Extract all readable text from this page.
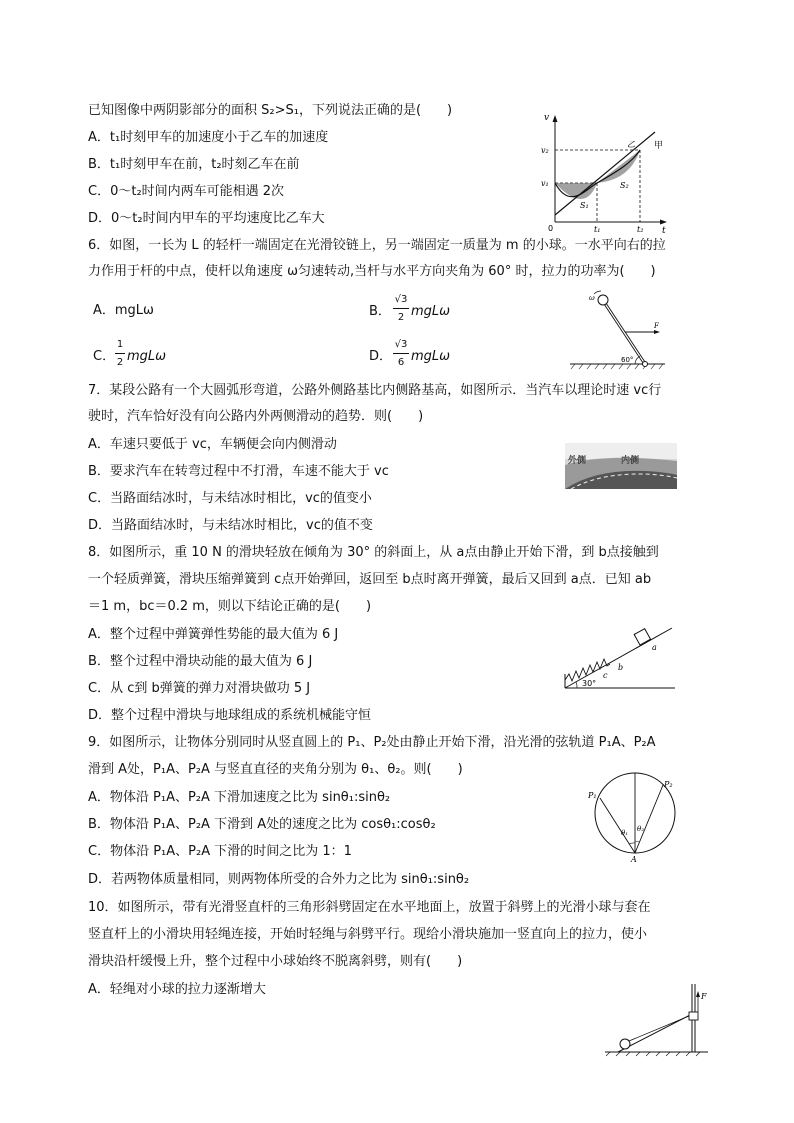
已知图像中两阴影部分的面积 S₂>S₁，下列说法正确的是(　　)
A．t₁时刻甲车的加速度小于乙车的加速度
B．t₁时刻甲车在前，t₂时刻乙车在前
C．0～t₂时间内两车可能相遇 2次
D．0～t₂时间内甲车的平均速度比乙车大
v
t
v₂
v₁
0	t₁	t₂
甲
乙
S₁
S₂
6．如图，一长为 L 的轻杆一端固定在光滑铰链上，另一端固定一质量为 m 的小球。一水平向右的拉
力作用于杆的中点，使杆以角速度 ω匀速转动,当杆与水平方向夹角为 60° 时，拉力的功率为(　　)
A．mgLω	B．
√3
2 mgLω
C．
1
2 mgLω	D．
√3
6 mgLω
ω
F
60°
7．某段公路有一个大圆弧形弯道，公路外侧路基比内侧路基高，如图所示．当汽车以理论时速 vc行
驶时，汽车恰好没有向公路内外两侧滑动的趋势．则(　　)
A．车速只要低于 vc，车辆便会向内侧滑动
B．要求汽车在转弯过程中不打滑，车速不能大于 vc
C．当路面结冰时，与未结冰时相比，vc的值变小
D．当路面结冰时，与未结冰时相比，vc的值不变
外侧	内侧
8．如图所示，重 10 N 的滑块轻放在倾角为 30° 的斜面上，从 a点由静止开始下滑，到 b点接触到
一个轻质弹簧，滑块压缩弹簧到 c点开始弹回，返回至 b点时离开弹簧，最后又回到 a点．已知 ab
＝1 m，bc＝0.2 m，则以下结论正确的是(　　)
A．整个过程中弹簧弹性势能的最大值为 6 J
B．整个过程中滑块动能的最大值为 6 J
C．从 c到 b弹簧的弹力对滑块做功 5 J
D．整个过程中滑块与地球组成的系统机械能守恒
30°
a
b
c
9．如图所示，让物体分别同时从竖直圆上的 P₁、P₂处由静止开始下滑，沿光滑的弦轨道 P₁A、P₂A
滑到 A处，P₁A、P₂A 与竖直直径的夹角分别为 θ₁、θ₂。则(　　)
A．物体沿 P₁A、P₂A 下滑加速度之比为 sinθ₁:sinθ₂
B．物体沿 P₁A、P₂A 下滑到 A处的速度之比为 cosθ₁:cosθ₂
C．物体沿 P₁A、P₂A 下滑的时间之比为 1：1
D．若两物体质量相同，则两物体所受的合外力之比为 sinθ₁:sinθ₂
P₁
P₂
A
θ₁ θ₂
10．如图所示，带有光滑竖直杆的三角形斜劈固定在水平地面上，放置于斜劈上的光滑小球与套在
竖直杆上的小滑块用轻绳连接，开始时轻绳与斜劈平行。现给小滑块施加一竖直向上的拉力，使小
滑块沿杆缓慢上升，整个过程中小球始终不脱离斜劈，则有(　　)
A．轻绳对小球的拉力逐渐增大	F
